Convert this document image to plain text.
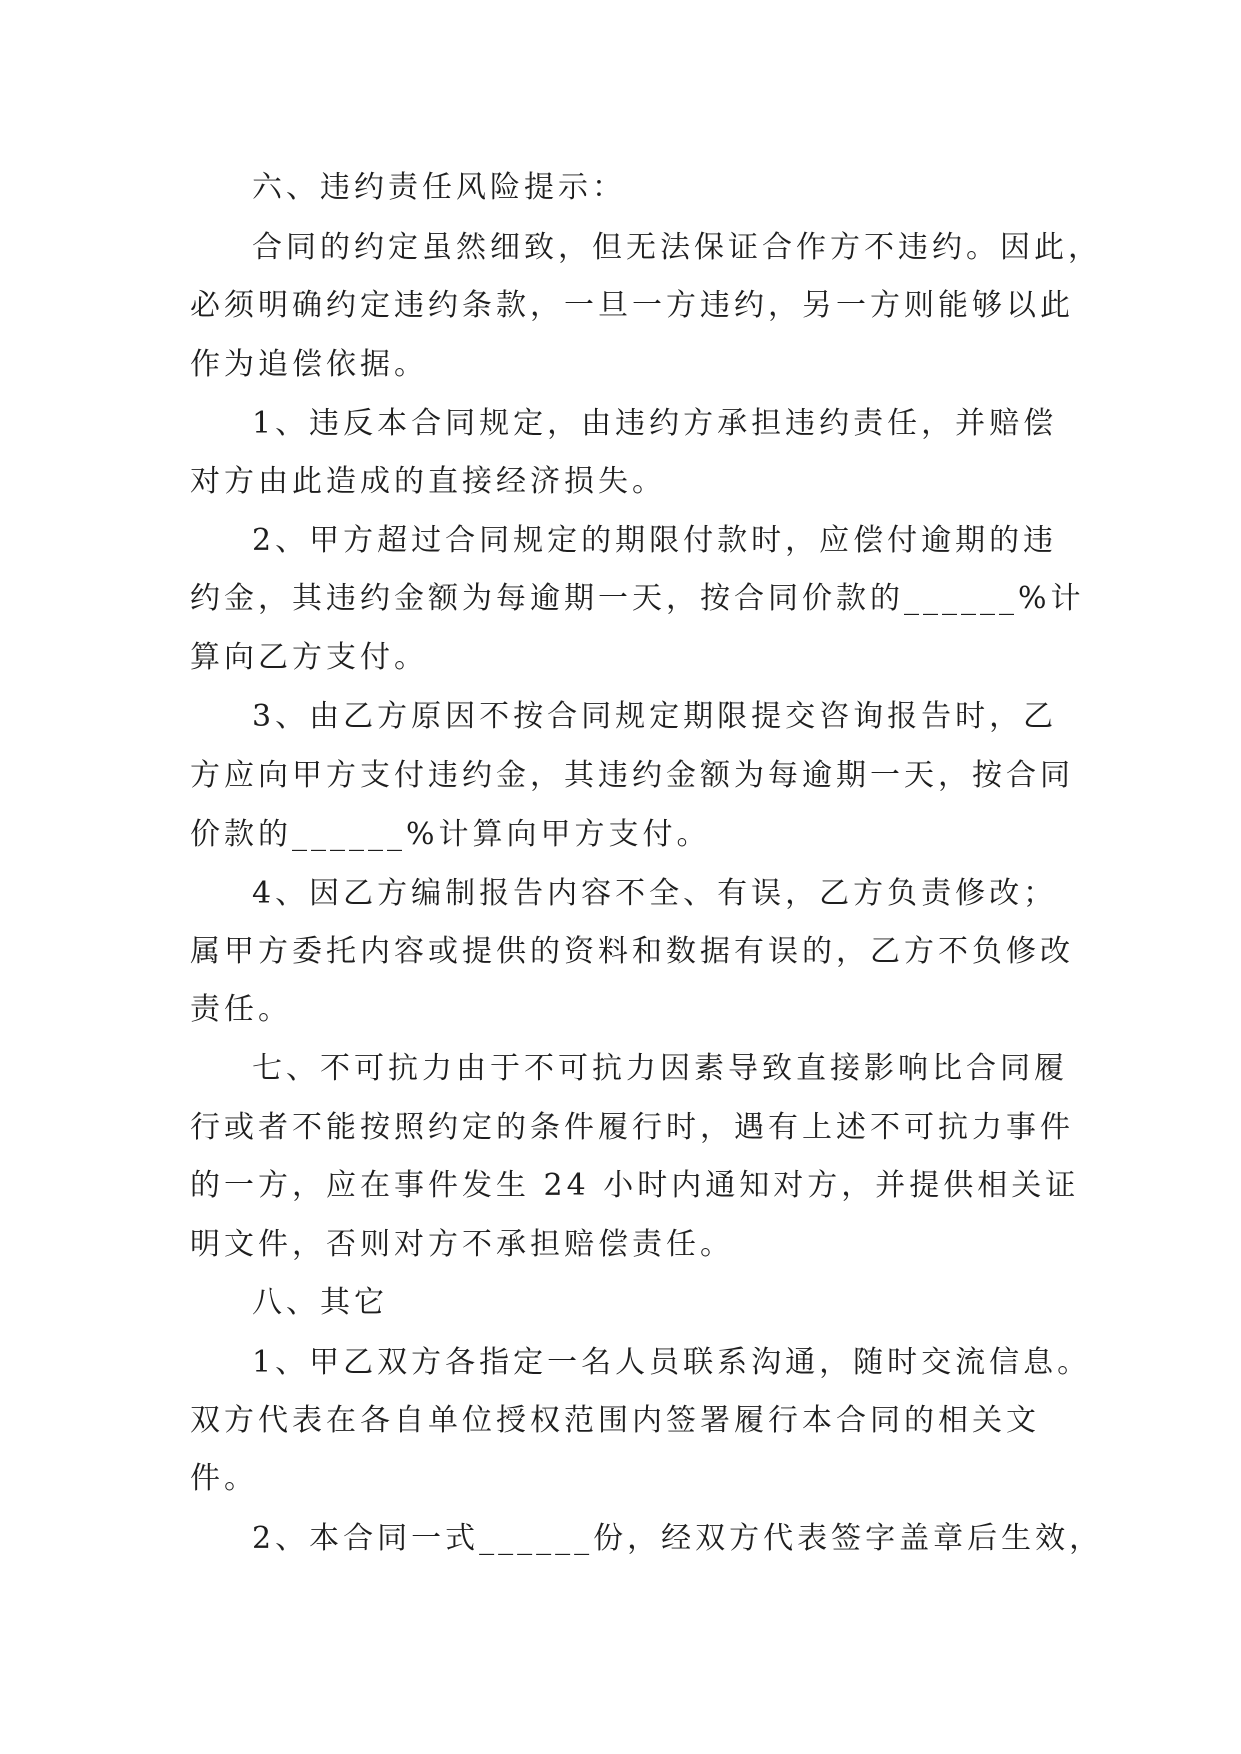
六、违约责任风险提示：
合同的约定虽然细致，但无法保证合作方不违约。因此，
必须明确约定违约条款，一旦一方违约，另一方则能够以此
作为追偿依据。
1、违反本合同规定，由违约方承担违约责任，并赔偿
对方由此造成的直接经济损失。
2、甲方超过合同规定的期限付款时，应偿付逾期的违
约金，其违约金额为每逾期一天，按合同价款的______%计
算向乙方支付。
3、由乙方原因不按合同规定期限提交咨询报告时，乙
方应向甲方支付违约金，其违约金额为每逾期一天，按合同
价款的______%计算向甲方支付。
4、因乙方编制报告内容不全、有误，乙方负责修改；
属甲方委托内容或提供的资料和数据有误的，乙方不负修改
责任。
七、不可抗力由于不可抗力因素导致直接影响比合同履
行或者不能按照约定的条件履行时，遇有上述不可抗力事件
的一方，应在事件发生 24 小时内通知对方，并提供相关证
明文件，否则对方不承担赔偿责任。
八、其它
1、甲乙双方各指定一名人员联系沟通，随时交流信息。
双方代表在各自单位授权范围内签署履行本合同的相关文
件。
2、本合同一式______份，经双方代表签字盖章后生效，
